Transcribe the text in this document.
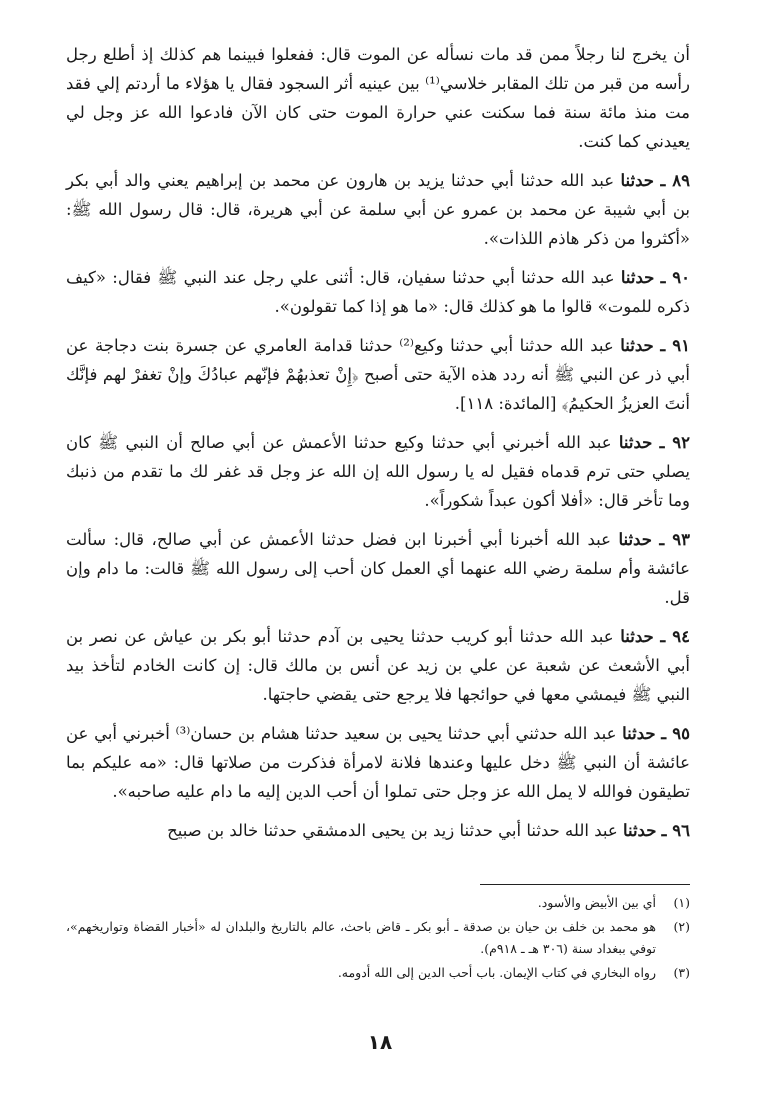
أن يخرج لنا رجلاً ممن قد مات نسأله عن الموت قال: ففعلوا فبينما هم كذلك إذ أطلع رجل رأسه من قبر من تلك المقابر خلاسي⁽¹⁾ بين عينيه أثر السجود فقال يا هؤلاء ما أردتم إلي فقد مت منذ مائة سنة فما سكنت عني حرارة الموت حتى كان الآن فادعوا الله عز وجل لي يعيدني كما كنت.

٨٩ ـ حدثنا عبد الله حدثنا أبي حدثنا يزيد بن هارون عن محمد بن إبراهيم يعني والد أبي بكر بن أبي شيبة عن محمد بن عمرو عن أبي سلمة عن أبي هريرة، قال: قال رسول الله ﷺ: «أكثروا من ذكر هاذم اللذات».

٩٠ ـ حدثنا عبد الله حدثنا أبي حدثنا سفيان، قال: أثنى علي رجل عند النبي ﷺ فقال: «كيف ذكره للموت» قالوا ما هو كذلك قال: «ما هو إذا كما تقولون».

٩١ ـ حدثنا عبد الله حدثنا أبي حدثنا وكيع⁽²⁾ حدثنا قدامة العامري عن جسرة بنت دجاجة عن أبي ذر عن النبي ﷺ أنه ردد هذه الآية حتى أصبح ﴿إِنْ تعذبهُمْ فإنّهم عبادُكَ وإنْ تغفرْ لهم فإنَّك أنتَ العزيزُ الحكيمُ﴾ [المائدة: ١١٨].

٩٢ ـ حدثنا عبد الله أخبرني أبي حدثنا وكيع حدثنا الأعمش عن أبي صالح أن النبي ﷺ كان يصلي حتى ترم قدماه فقيل له يا رسول الله إن الله عز وجل قد غفر لك ما تقدم من ذنبك وما تأخر قال: «أفلا أكون عبداً شكوراً».

٩٣ ـ حدثنا عبد الله أخبرنا أبي أخبرنا ابن فضل حدثنا الأعمش عن أبي صالح، قال: سألت عائشة وأم سلمة رضي الله عنهما أي العمل كان أحب إلى رسول الله ﷺ قالت: ما دام وإن قل.

٩٤ ـ حدثنا عبد الله حدثنا أبو كريب حدثنا يحيى بن آدم حدثنا أبو بكر بن عياش عن نصر بن أبي الأشعث عن شعبة عن علي بن زيد عن أنس بن مالك قال: إن كانت الخادم لتأخذ بيد النبي ﷺ فيمشي معها في حوائجها فلا يرجع حتى يقضي حاجتها.

٩٥ ـ حدثنا عبد الله حدثني أبي حدثنا يحيى بن سعيد حدثنا هشام بن حسان⁽³⁾ أخبرني أبي عن عائشة أن النبي ﷺ دخل عليها وعندها فلانة لامرأة فذكرت من صلاتها قال: «مه عليكم بما تطيقون فوالله لا يمل الله عز وجل حتى تملوا أن أحب الدين إليه ما دام عليه صاحبه».

٩٦ ـ حدثنا عبد الله حدثنا أبي حدثنا زيد بن يحيى الدمشقي حدثنا خالد بن صبيح

(١)
أي بين الأبيض والأسود.
(٢)
هو محمد بن خلف بن حيان بن صدقة ـ أبو بكر ـ قاض باحث، عالم بالتاريخ والبلدان له «أخبار القضاة وتواريخهم»، توفي ببغداد سنة (٣٠٦ هـ ـ ٩١٨م).
(٣)
رواه البخاري في كتاب الإيمان. باب أحب الدين إلى الله أدومه.
١٨
